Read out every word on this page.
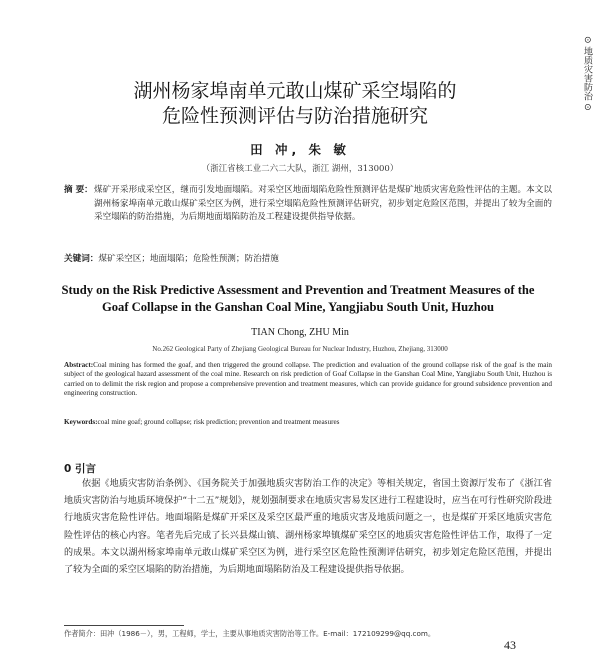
⊙ 地质灾害防治 ⊙
湖州杨家埠南单元敢山煤矿采空塌陷的
危险性预测评估与防治措施研究
田 冲, 朱 敏
（浙江省核工业二六二大队，浙江 湖州，313000）
摘 要： 煤矿开采形成采空区，继而引发地面塌陷。对采空区地面塌陷危险性预测评估是煤矿地质灾害危险性评估的主题。本文以湖州杨家埠南单元敢山煤矿采空区为例，进行采空塌陷危险性预测评估研究，初步划定危险区范围，并提出了较为全面的采空塌陷的防治措施，为后期地面塌陷防治及工程建设提供指导依据。
关键词：煤矿采空区；地面塌陷；危险性预测；防治措施
Study on the Risk Predictive Assessment and Prevention and Treatment Measures of the Goaf Collapse in the Ganshan Coal Mine, Yangjiabu South Unit, Huzhou
TIAN Chong, ZHU Min
No.262 Geological Party of Zhejiang Geological Bureau for Nuclear Industry, Huzhou, Zhejiang, 313000
Abstract:Coal mining has formed the goaf, and then triggered the ground collapse. The prediction and evaluation of the ground collapse risk of the goaf is the main subject of the geological hazard assessment of the coal mine. Research on risk prediction of Goaf Collapse in the Ganshan Coal Mine, Yangjiabu South Unit, Huzhou is carried on to delimit the risk region and propose a comprehensive prevention and treatment measures, which can provide guidance for ground subsidence prevention and engineering construction.
Keywords:coal mine goaf; ground collapse; risk prediction; prevention and treatment measures
0 引言
依据《地质灾害防治条例》、《国务院关于加强地质灾害防治工作的决定》等相关规定，省国土资源厅发布了《浙江省地质灾害防治与地质环境保护“十二五”规划》，规划强制要求在地质灾害易发区进行工程建设时，应当在可行性研究阶段进行地质灾害危险性评估。地面塌陷是煤矿开采区及采空区最严重的地质灾害及地质问题之一，也是煤矿开采区地质灾害危险性评估的核心内容。笔者先后完成了长兴县煤山镇、湖州杨家埠镇煤矿采空区的地质灾害危险性评估工作，取得了一定的成果。本文以湖州杨家埠南单元敢山煤矿采空区为例，进行采空区危险性预测评估研究，初步划定危险区范围，并提出了较为全面的采空区塌陷的防治措施，为后期地面塌陷防治及工程建设提供指导依据。
作者简介：田冲（1986－），男，工程师，学士，主要从事地质灾害防治等工作。E-mail：172109299@qq.com。
43
